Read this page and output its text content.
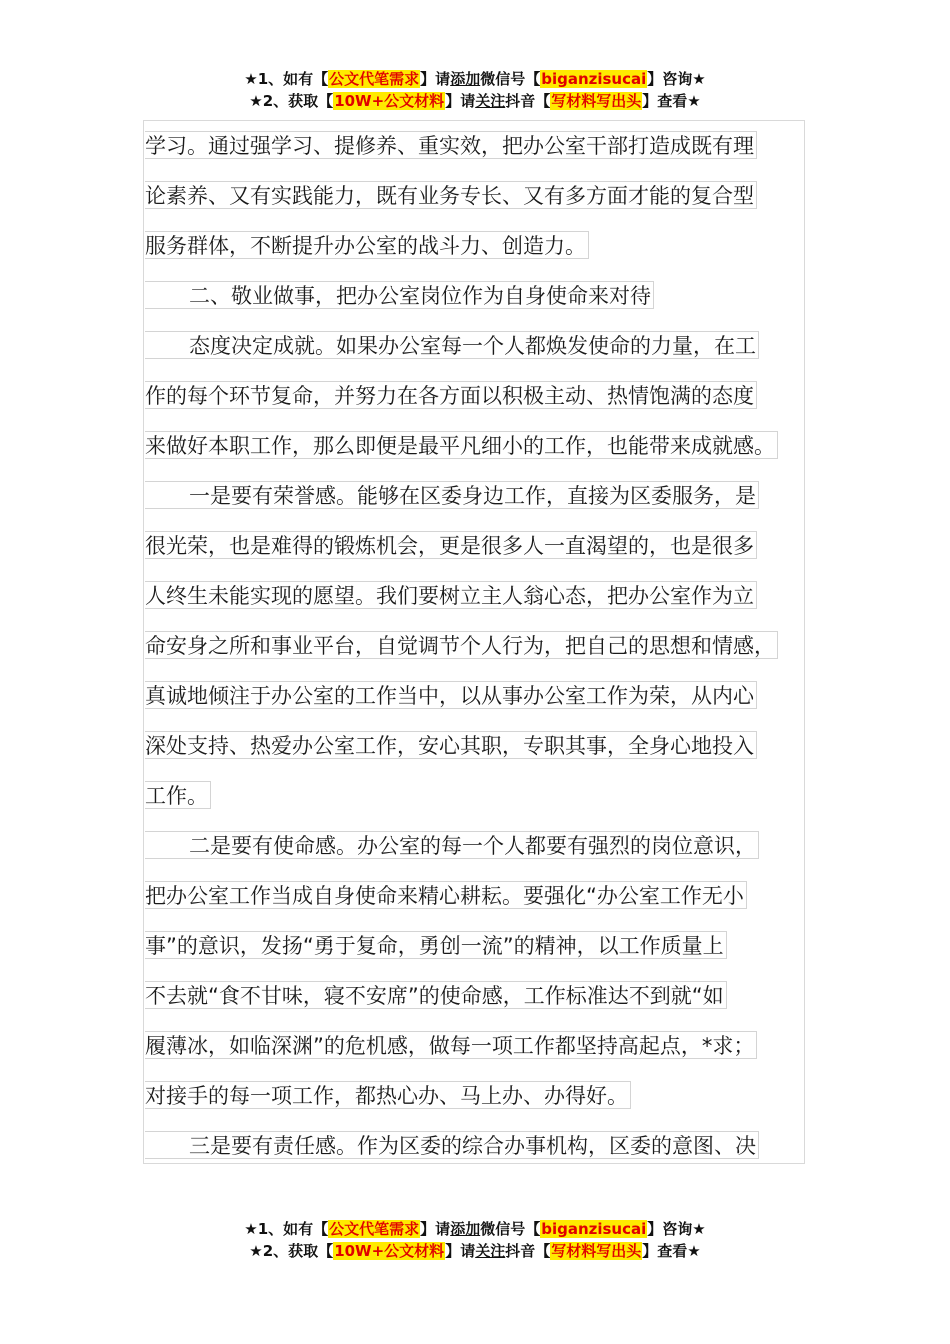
★1、如有【公文代笔需求】请添加微信号【biganzisucai】咨询★
★2、获取【10W+公文材料】请关注抖音【写材料写出头】查看★
学习。通过强学习、提修养、重实效，把办公室干部打造成既有理
论素养、又有实践能力，既有业务专长、又有多方面才能的复合型
服务群体，不断提升办公室的战斗力、创造力。
二、敬业做事，把办公室岗位作为自身使命来对待
态度决定成就。如果办公室每一个人都焕发使命的力量，在工
作的每个环节复命，并努力在各方面以积极主动、热情饱满的态度
来做好本职工作，那么即便是最平凡细小的工作，也能带来成就感。
一是要有荣誉感。能够在区委身边工作，直接为区委服务，是
很光荣，也是难得的锻炼机会，更是很多人一直渴望的，也是很多
人终生未能实现的愿望。我们要树立主人翁心态，把办公室作为立
命安身之所和事业平台，自觉调节个人行为，把自己的思想和情感，
真诚地倾注于办公室的工作当中，以从事办公室工作为荣，从内心
深处支持、热爱办公室工作，安心其职，专职其事，全身心地投入
工作。
二是要有使命感。办公室的每一个人都要有强烈的岗位意识，
把办公室工作当成自身使命来精心耕耘。要强化“办公室工作无小
事”的意识，发扬“勇于复命，勇创一流”的精神，以工作质量上
不去就“食不甘味，寝不安席”的使命感，工作标准达不到就“如
履薄冰，如临深渊”的危机感，做每一项工作都坚持高起点，*求；
对接手的每一项工作，都热心办、马上办、办得好。
三是要有责任感。作为区委的综合办事机构，区委的意图、决
★1、如有【公文代笔需求】请添加微信号【biganzisucai】咨询★
★2、获取【10W+公文材料】请关注抖音【写材料写出头】查看★
